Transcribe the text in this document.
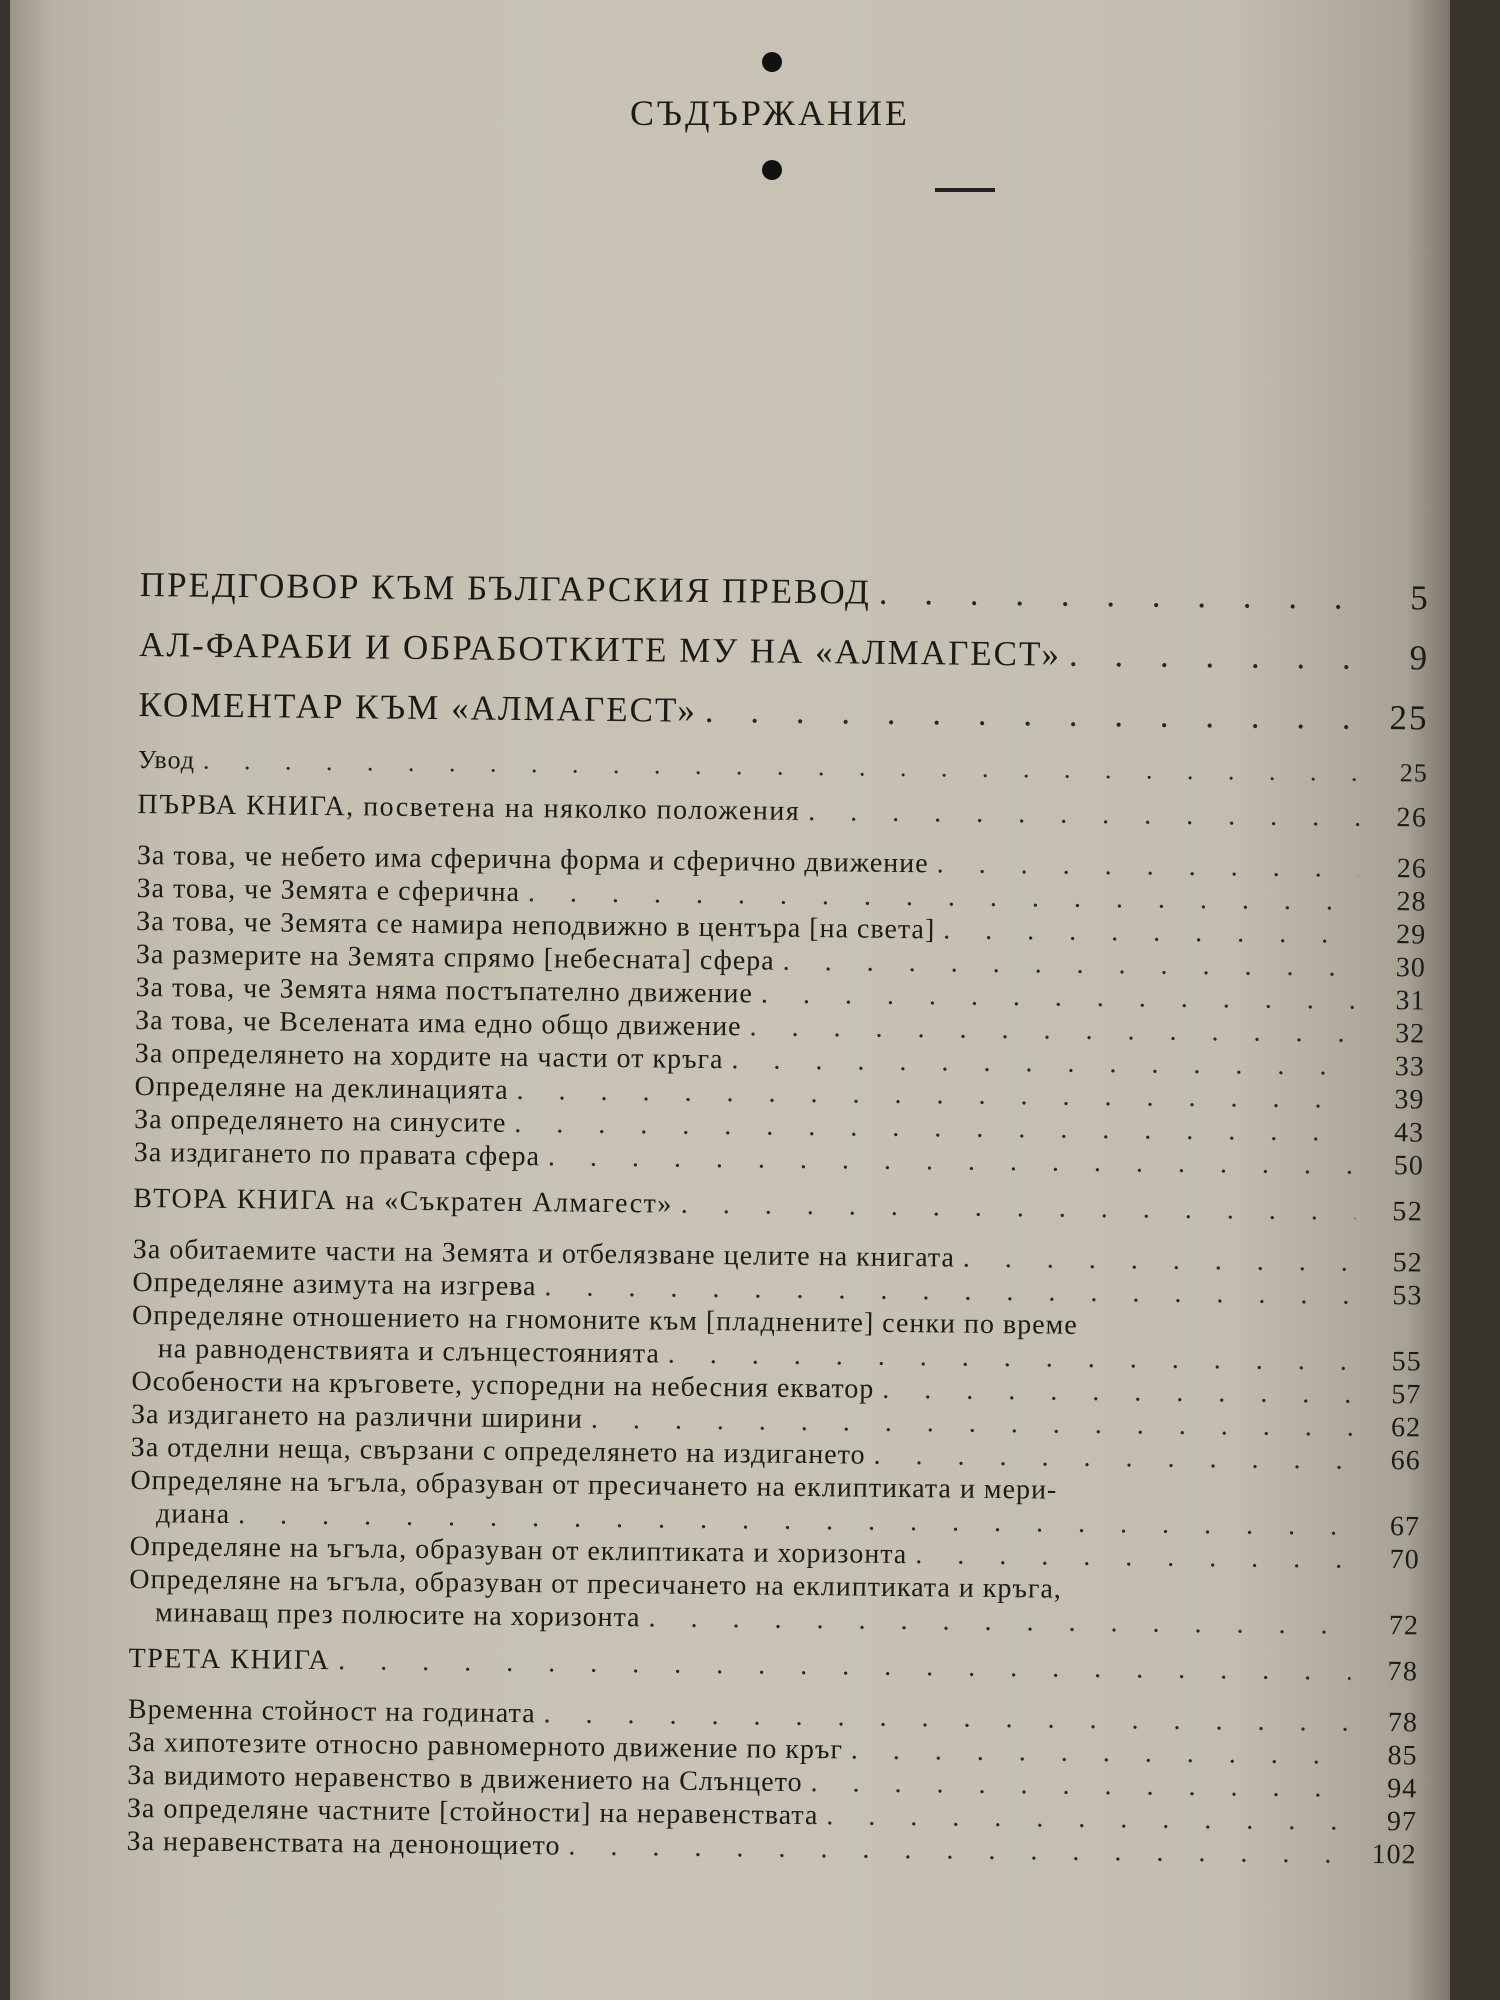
СЪДЪРЖАНИЕ
ПРЕДГОВОР КЪМ БЪЛГАРСКИЯ ПРЕВОД . . .	5
АЛ-ФАРАБИ И ОБРАБОТКИТЕ МУ НА «АЛМАГЕСТ» . . .	9
КОМЕНТАР КЪМ «АЛМАГЕСТ» . . .	25
Увод . . .	25
ПЪРВА КНИГА, посветена на няколко положения . . .	26
За това, че небето има сферична форма и сферично движение . . .	26
За това, че Земята е сферична . . .	28
За това, че Земята се намира неподвижно в центъра [на света] . . .	29
За размерите на Земята спрямо [небесната] сфера . . .	30
За това, че Земята няма постъпателно движение . . .	31
За това, че Вселената има едно общо движение . . .	32
За определянето на хордите на части от кръга . . .	33
Определяне на деклинацията . . .	39
За определянето на синусите . . .	43
За издигането по правата сфера . . .	50
ВТОРА КНИГА на «Съкратен Алмагест» . . .	52
За обитаемите части на Земята и отбелязване целите на книгата . . .	52
Определяне азимута на изгрева . . .	53
Определяне отношението на гномоните към [пладнените] сенки по време
на равноденствията и слънцестоянията . . .	55
Особености на кръговете, успоредни на небесния екватор . . .	57
За издигането на различни ширини . . .	62
За отделни неща, свързани с определянето на издигането . . .	66
Определяне на ъгъла, образуван от пресичането на еклиптиката и мери-
диана . . .	67
Определяне на ъгъла, образуван от еклиптиката и хоризонта . . .	70
Определяне на ъгъла, образуван от пресичането на еклиптиката и кръга,
минаващ през полюсите на хоризонта . . .	72
ТРЕТА КНИГА . . .	78
Временна стойност на годината . . .	78
За хипотезите относно равномерното движение по кръг . . .	85
За видимото неравенство в движението на Слънцето . . .	94
За определяне частните [стойности] на неравенствата . . .	97
За неравенствата на денонощието . . .	102
